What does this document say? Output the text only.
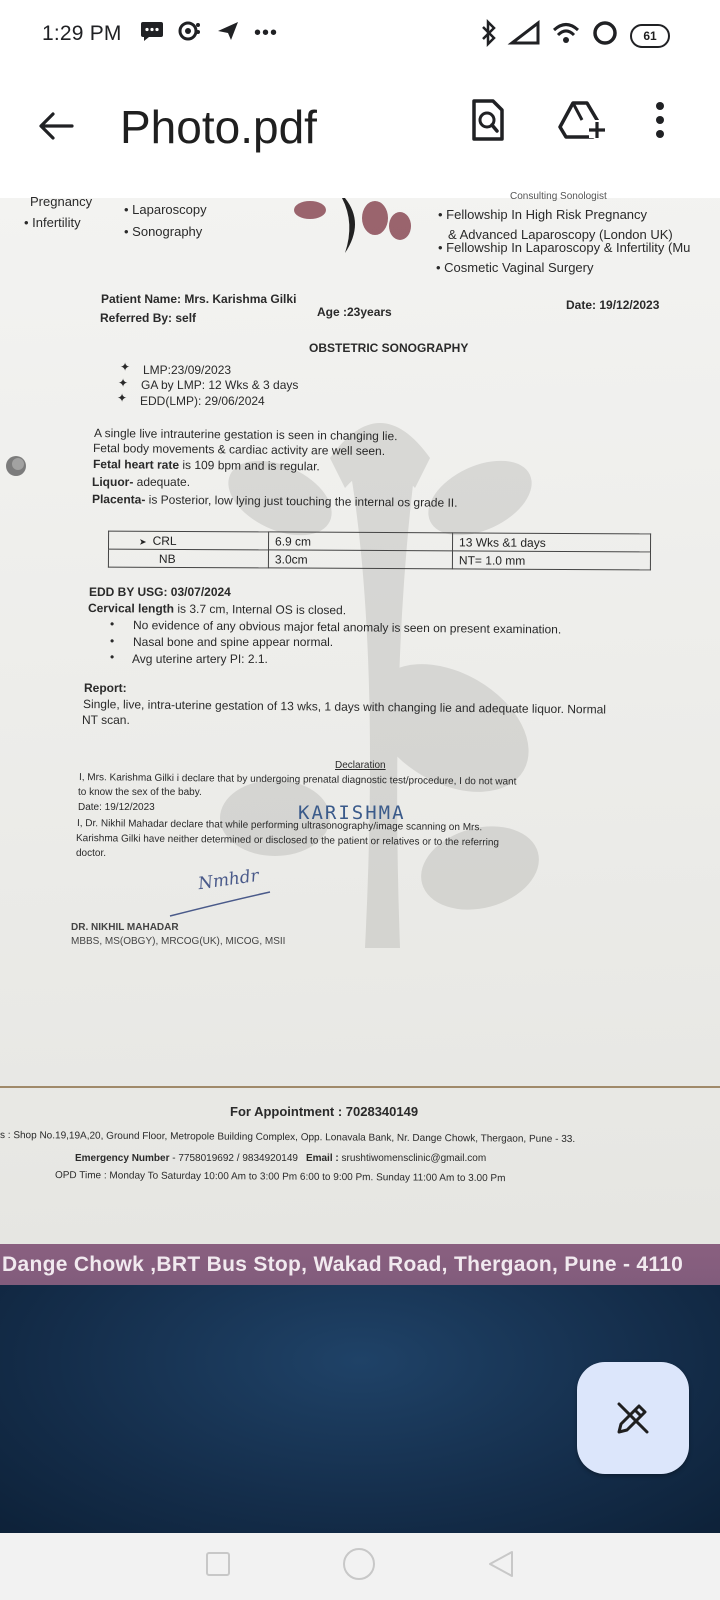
1:29 PM	•••	61
Photo.pdf
Pregnancy
• Infertility
• Laparoscopy
• Sonography
Consulting Sonologist
• Fellowship In High Risk Pregnancy
& Advanced Laparoscopy (London UK)
• Fellowship In Laparoscopy & Infertility (Mu
• Cosmetic Vaginal Surgery
Patient Name: Mrs. Karishma Gilki
Age :23years
Referred By: self
Date: 19/12/2023
OBSTETRIC SONOGRAPHY
✦ LMP:23/09/2023
✦ GA by LMP: 12 Wks & 3 days
✦ EDD(LMP): 29/06/2024
A single live intrauterine gestation is seen in changing lie.
Fetal body movements & cardiac activity are well seen.
Fetal heart rate is 109 bpm and is regular.
Liquor- adequate.
Placenta- is Posterior, low lying just touching the internal os grade II.
➤ CRL	6.9 cm	13 Wks &1 days
NB	3.0cm	NT= 1.0 mm
EDD BY USG: 03/07/2024
Cervical length is 3.7 cm, Internal OS is closed.
• No evidence of any obvious major fetal anomaly is seen on present examination.
• Nasal bone and spine appear normal.
• Avg uterine artery PI: 2.1.
Report:
Single, live, intra-uterine gestation of 13 wks, 1 days with changing lie and adequate liquor. Normal
NT scan.
Declaration
I, Mrs. Karishma Gilki i declare that by undergoing prenatal diagnostic test/procedure, I do not want
to know the sex of the baby.
Date: 19/12/2023	KARISHMA
I, Dr. Nikhil Mahadar declare that while performing ultrasonography/image scanning on Mrs.
Karishma Gilki have neither determined or disclosed to the patient or relatives or to the referring
doctor.
Nmhdr
DR. NIKHIL MAHADAR
MBBS, MS(OBGY), MRCOG(UK), MICOG, MSII
For Appointment : 7028340149
s : Shop No.19,19A,20, Ground Floor, Metropole Building Complex, Opp. Lonavala Bank, Nr. Dange Chowk, Thergaon, Pune - 33.
Emergency Number - 7758019692 / 9834920149 Email : srushtiwomensclinic@gmail.com
OPD Time : Monday To Saturday 10:00 Am to 3:00 Pm 6:00 to 9:00 Pm. Sunday 11:00 Am to 3.00 Pm
Dange Chowk ,BRT Bus Stop, Wakad Road, Thergaon, Pune - 4110
